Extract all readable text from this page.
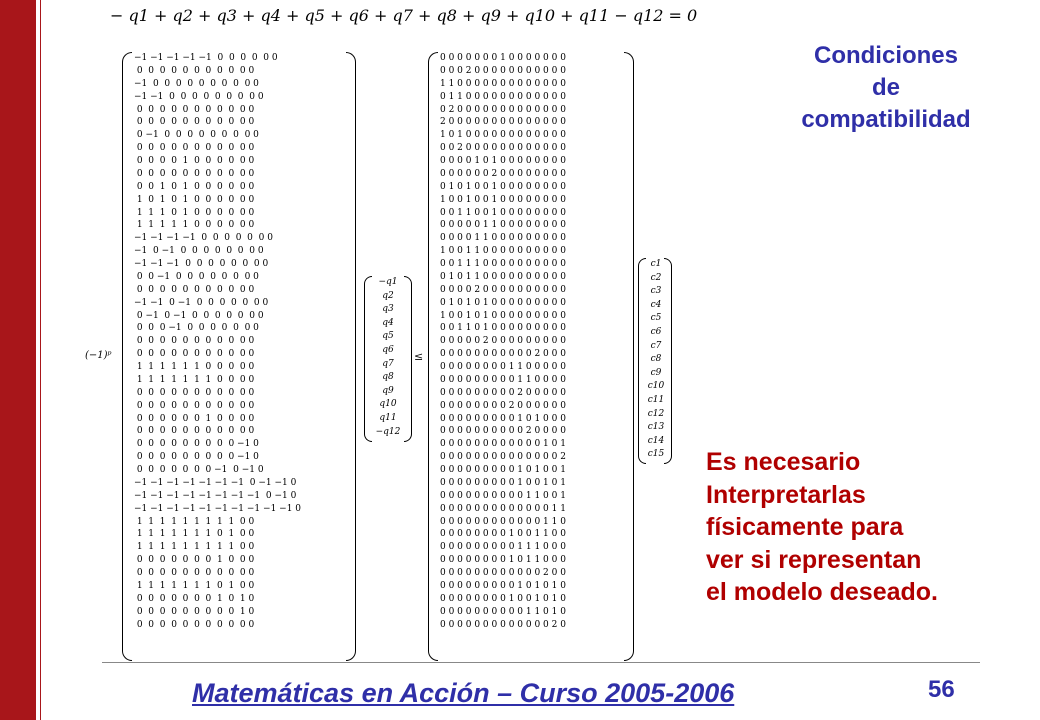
− q1 + q2 + q3 + q4 + q5 + q6 + q7 + q8 + q9 + q10 + q11 − q12 = 0
Condiciones
de
compatibilidad
(−1)ᵖ
−1 −1 −1 −1 −1  0  0  0  0  0 0
0  0  0  0  0  0  0  0  0  0 0
−1  0  0  0  0  0  0  0  0  0 0
−1 −1  0  0  0  0  0  0  0  0 0
0  0  0  0  0  0  0  0  0  0 0
0  0  0  0  0  0  0  0  0  0 0
0 −1  0  0  0  0  0  0  0  0 0
0  0  0  0  0  0  0  0  0  0 0
0  0  0  0  1  0  0  0  0  0 0
0  0  0  0  0  0  0  0  0  0 0
0  0  1  0  1  0  0  0  0  0 0
1  0  1  0  1  0  0  0  0  0 0
1  1  1  0  1  0  0  0  0  0 0
1  1  1  1  1  0  0  0  0  0 0
−1 −1 −1 −1  0  0  0  0  0  0 0
−1  0 −1  0  0  0  0  0  0  0 0
−1 −1 −1  0  0  0  0  0  0  0 0
0  0 −1  0  0  0  0  0  0  0 0
0  0  0  0  0  0  0  0  0  0 0
−1 −1  0 −1  0  0  0  0  0  0 0
0 −1  0 −1  0  0  0  0  0  0 0
0  0  0 −1  0  0  0  0  0  0 0
0  0  0  0  0  0  0  0  0  0 0
0  0  0  0  0  0  0  0  0  0 0
1  1  1  1  1  1  0  0  0  0 0
1  1  1  1  1  1  1  0  0  0 0
0  0  0  0  0  0  0  0  0  0 0
0  0  0  0  0  0  0  0  0  0 0
0  0  0  0  0  0  1  0  0  0 0
0  0  0  0  0  0  0  0  0  0 0
0  0  0  0  0  0  0  0  0 −1 0
0  0  0  0  0  0  0  0  0 −1 0
0  0  0  0  0  0  0 −1  0 −1 0
−1 −1 −1 −1 −1 −1 −1  0 −1 −1 0
−1 −1 −1 −1 −1 −1 −1 −1  0 −1 0
−1 −1 −1 −1 −1 −1 −1 −1 −1 −1 0
1  1  1  1  1  1  1  1  1  0 0
1  1  1  1  1  1  1  0  1  0 0
1  1  1  1  1  1  1  1  1  0 0
0  0  0  0  0  0  0  1  0  0 0
0  0  0  0  0  0  0  0  0  0 0
1  1  1  1  1  1  1  0  1  0 0
0  0  0  0  0  0  0  1  0  1 0
0  0  0  0  0  0  0  0  0  1 0
0  0  0  0  0  0  0  0  0  0 0
−q1
q2
q3
q4
q5
q6
q7
q8
q9
q10
q11
−q12
≤
0 0 0 0 0 0 0 1 0 0 0 0 0 0 0
0 0 0 2 0 0 0 0 0 0 0 0 0 0 0
1 1 0 0 0 0 0 0 0 0 0 0 0 0 0
0 1 1 0 0 0 0 0 0 0 0 0 0 0 0
0 2 0 0 0 0 0 0 0 0 0 0 0 0 0
2 0 0 0 0 0 0 0 0 0 0 0 0 0 0
1 0 1 0 0 0 0 0 0 0 0 0 0 0 0
0 0 2 0 0 0 0 0 0 0 0 0 0 0 0
0 0 0 0 1 0 1 0 0 0 0 0 0 0 0
0 0 0 0 0 0 2 0 0 0 0 0 0 0 0
0 1 0 1 0 0 1 0 0 0 0 0 0 0 0
1 0 0 1 0 0 1 0 0 0 0 0 0 0 0
0 0 1 1 0 0 1 0 0 0 0 0 0 0 0
0 0 0 0 0 1 1 0 0 0 0 0 0 0 0
0 0 0 0 1 1 0 0 0 0 0 0 0 0 0
1 0 0 1 1 0 0 0 0 0 0 0 0 0 0
0 0 1 1 1 0 0 0 0 0 0 0 0 0 0
0 1 0 1 1 0 0 0 0 0 0 0 0 0 0
0 0 0 0 2 0 0 0 0 0 0 0 0 0 0
0 1 0 1 0 1 0 0 0 0 0 0 0 0 0
1 0 0 1 0 1 0 0 0 0 0 0 0 0 0
0 0 1 1 0 1 0 0 0 0 0 0 0 0 0
0 0 0 0 0 2 0 0 0 0 0 0 0 0 0
0 0 0 0 0 0 0 0 0 0 0 2 0 0 0
0 0 0 0 0 0 0 0 1 1 0 0 0 0 0
0 0 0 0 0 0 0 0 0 1 1 0 0 0 0
0 0 0 0 0 0 0 0 0 2 0 0 0 0 0
0 0 0 0 0 0 0 0 2 0 0 0 0 0 0
0 0 0 0 0 0 0 0 0 1 0 1 0 0 0
0 0 0 0 0 0 0 0 0 0 2 0 0 0 0
0 0 0 0 0 0 0 0 0 0 0 0 1 0 1
0 0 0 0 0 0 0 0 0 0 0 0 0 0 2
0 0 0 0 0 0 0 0 0 1 0 1 0 0 1
0 0 0 0 0 0 0 0 0 1 0 0 1 0 1
0 0 0 0 0 0 0 0 0 0 1 1 0 0 1
0 0 0 0 0 0 0 0 0 0 0 0 0 1 1
0 0 0 0 0 0 0 0 0 0 0 0 1 1 0
0 0 0 0 0 0 0 0 1 0 0 1 1 0 0
0 0 0 0 0 0 0 0 0 1 1 1 0 0 0
0 0 0 0 0 0 0 0 1 0 1 1 0 0 0
0 0 0 0 0 0 0 0 0 0 0 0 2 0 0
0 0 0 0 0 0 0 0 0 1 0 1 0 1 0
0 0 0 0 0 0 0 0 1 0 0 1 0 1 0
0 0 0 0 0 0 0 0 0 0 1 1 0 1 0
0 0 0 0 0 0 0 0 0 0 0 0 0 2 0
c1
c2
c3
c4
c5
c6
c7
c8
c9
c10
c11
c12
c13
c14
c15 Es necesario
Interpretarlas
físicamente para
ver si representan
el modelo deseado.
Matemáticas en Acción – Curso 2005-2006	56
